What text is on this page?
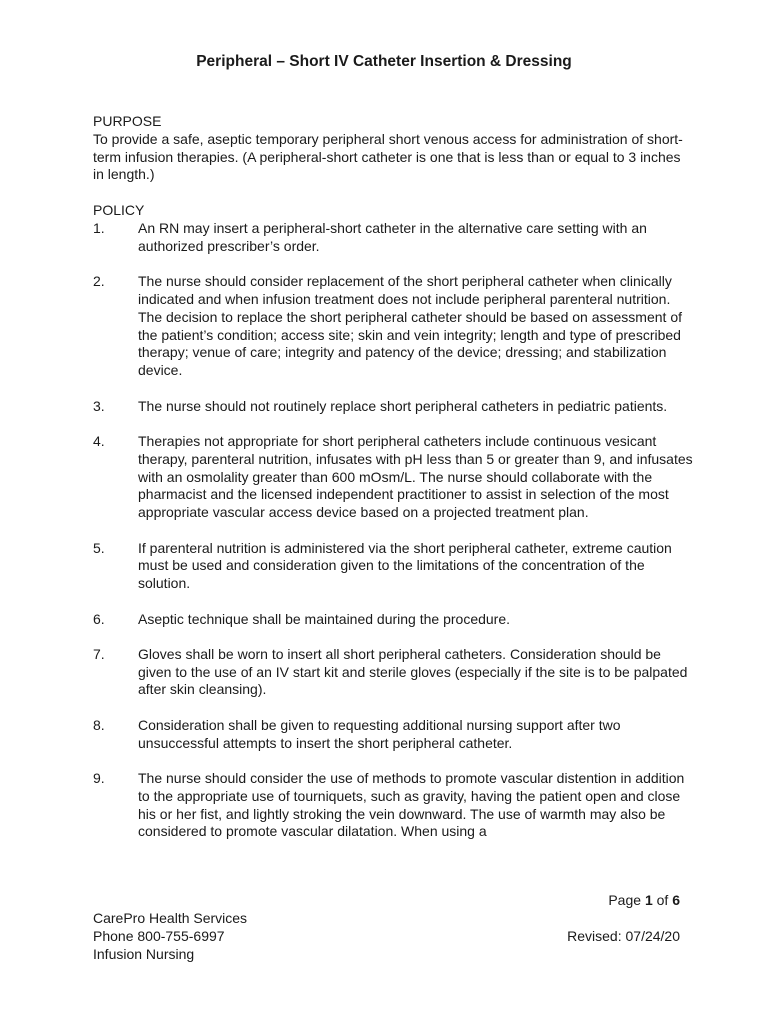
Peripheral – Short IV Catheter Insertion & Dressing

PURPOSE

To provide a safe, aseptic temporary peripheral short venous access for administration of short-term infusion therapies. (A peripheral-short catheter is one that is less than or equal to 3 inches in length.)

POLICY

1. An RN may insert a peripheral-short catheter in the alternative care setting with an authorized prescriber’s order.
2. The nurse should consider replacement of the short peripheral catheter when clinically indicated and when infusion treatment does not include peripheral parenteral nutrition. The decision to replace the short peripheral catheter should be based on assessment of the patient’s condition; access site; skin and vein integrity; length and type of prescribed therapy; venue of care; integrity and patency of the device; dressing; and stabilization device.
3. The nurse should not routinely replace short peripheral catheters in pediatric patients.
4. Therapies not appropriate for short peripheral catheters include continuous vesicant therapy, parenteral nutrition, infusates with pH less than 5 or greater than 9, and infusates with an osmolality greater than 600 mOsm/L. The nurse should collaborate with the pharmacist and the licensed independent practitioner to assist in selection of the most appropriate vascular access device based on a projected treatment plan.
5. If parenteral nutrition is administered via the short peripheral catheter, extreme caution must be used and consideration given to the limitations of the concentration of the solution.
6. Aseptic technique shall be maintained during the procedure.
7. Gloves shall be worn to insert all short peripheral catheters. Consideration should be given to the use of an IV start kit and sterile gloves (especially if the site is to be palpated after skin cleansing).
8. Consideration shall be given to requesting additional nursing support after two unsuccessful attempts to insert the short peripheral catheter.
9. The nurse should consider the use of methods to promote vascular distention in addition to the appropriate use of tourniquets, such as gravity, having the patient open and close his or her fist, and lightly stroking the vein downward. The use of warmth may also be considered to promote vascular dilatation. When using a
Page 1 of 6
CarePro Health Services
Phone 800-755-6997
Infusion Nursing
Revised: 07/24/20
